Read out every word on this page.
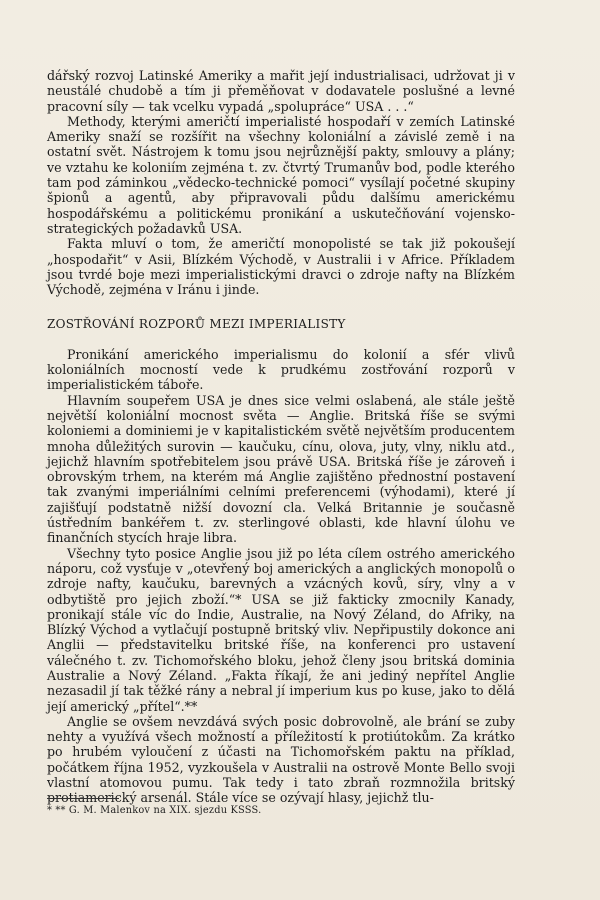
dářský rozvoj Latinské Ameriky a mařit její industrialisaci, udržovat ji v neustálé chudobě a tím ji přeměňovat v dodavatele poslušné a levné pracovní síly — tak vcelku vypadá „spolupráce“ USA . . .“

Methody, kterými američtí imperialisté hospodaří v zemích Latinské Ameriky snaží se rozšířit na všechny koloniální a závislé země i na ostatní svět. Nástrojem k tomu jsou nejrůznější pakty, smlouvy a plány; ve vztahu ke koloniím zejména t. zv. čtvrtý Trumanův bod, podle kterého tam pod záminkou „vědecko-technické pomoci“ vysílají početné skupiny špionů a agentů, aby připravovali půdu dalšímu americkému hospodářskému a politickému pronikání a uskutečňování vojensko-strategických požadavků USA.

Fakta mluví o tom, že američtí monopolisté se tak již pokoušejí „hospodařit“ v Asii, Blízkém Východě, v Australii i v Africe. Příkladem jsou tvrdé boje mezi imperialistickými dravci o zdroje nafty na Blízkém Východě, zejména v Iránu i jinde.

ZOSTŘOVÁNÍ ROZPORŮ MEZI IMPERIALISTY

Pronikání amerického imperialismu do kolonií a sfér vlivů koloniálních mocností vede k prudkému zostřování rozporů v imperialistickém táboře.

Hlavním soupeřem USA je dnes sice velmi oslabená, ale stále ještě největší koloniální mocnost světa — Anglie. Britská říše se svými koloniemi a dominiemi je v kapitalistickém světě největším producentem mnoha důležitých surovin — kaučuku, cínu, olova, juty, vlny, niklu atd., jejichž hlavním spotřebitelem jsou právě USA. Britská říše je zároveň i obrovským trhem, na kterém má Anglie zajištěno přednostní postavení tak zvanými imperiálními celními preferencemi (výhodami), které jí zajišťují podstatně nižší dovozní cla. Velká Britannie je současně ústředním bankéřem t. zv. sterlingové oblasti, kde hlavní úlohu ve finančních stycích hraje libra.

Všechny tyto posice Anglie jsou již po léta cílem ostrého amerického náporu, což vysťuje v „otevřený boj amerických a anglických monopolů o zdroje nafty, kaučuku, barevných a vzácných kovů, síry, vlny a v odbytiště pro jejich zboží.“* USA se již fakticky zmocnily Kanady, pronikají stále víc do Indie, Australie, na Nový Zéland, do Afriky, na Blízký Východ a vytlačují postupně britský vliv. Nepřipustily dokonce ani Anglii — představitelku britské říše, na konferenci pro ustavení válečného t. zv. Tichomořského bloku, jehož členy jsou britská dominia Australie a Nový Zéland. „Fakta říkají, že ani jediný nepřítel Anglie nezasadil jí tak těžké rány a nebral jí imperium kus po kuse, jako to dělá její americký „přítel“.**

Anglie se ovšem nevzdává svých posic dobrovolně, ale brání se zuby nehty a využívá všech možností a příležitostí k protiútokům. Za krátko po hrubém vyloučení z účasti na Tichomořském paktu na příklad, počátkem října 1952, vyzkoušela v Australii na ostrově Monte Bello svoji vlastní atomovou pumu. Tak tedy i tato zbraň rozmnožila britský protiamerický arsenál. Stále více se ozývají hlasy, jejichž tlu-

* ** G. M. Malenkov na XIX. sjezdu KSSS.
